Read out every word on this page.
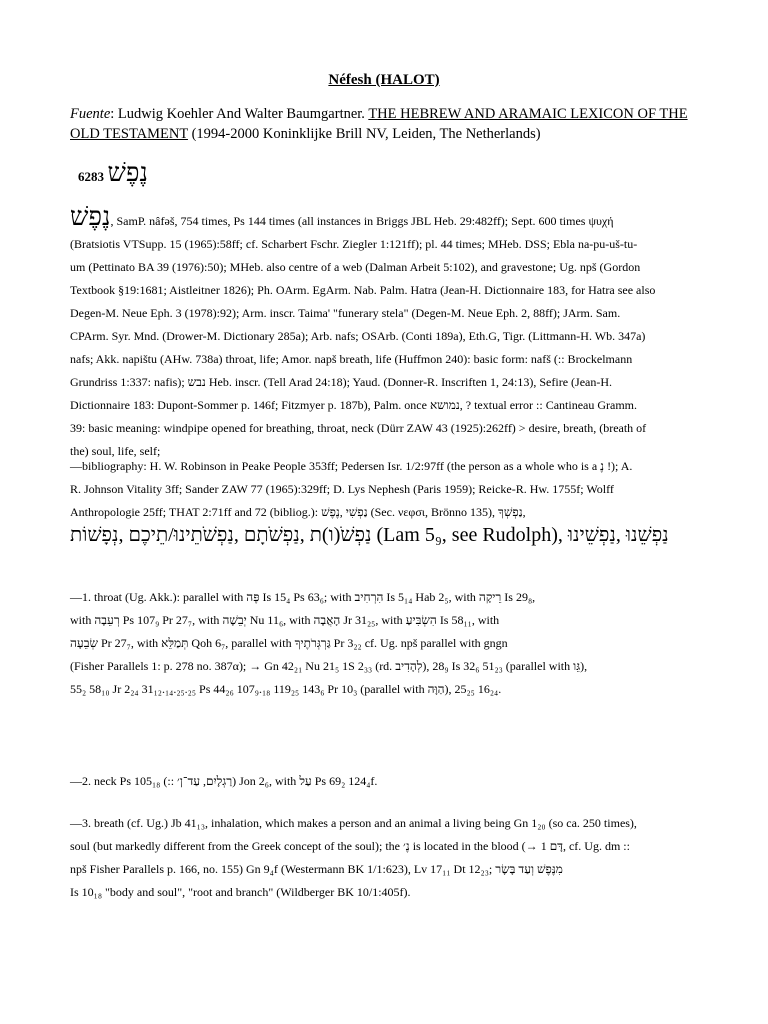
Néfesh (HALOT)
Fuente: Ludwig Koehler And Walter Baumgartner. THE HEBREW AND ARAMAIC LEXICON OF THE OLD TESTAMENT (1994-2000 Koninklijke Brill NV, Leiden, The Netherlands)
6283 נֶפֶשׁ
נֶפֶשׁ, SamP. nâfəš, 754 times, Ps 144 times (all instances in Briggs JBL Heb. 29:482ff); Sept. 600 times ψυχή
(Bratsiotis VTSupp. 15 (1965):58ff; cf. Scharbert Fschr. Ziegler 1:121ff); pl. 44 times; MHeb. DSS; Ebla na-pu-uš-tu-
um (Pettinato BA 39 (1976):50); MHeb. also centre of a web (Dalman Arbeit 5:102), and gravestone; Ug. npš (Gordon
Textbook §19:1681; Aistleitner 1826); Ph. OArm. EgArm. Nab. Palm. Hatra (Jean-H. Dictionnaire 183, for Hatra see also
Degen-M. Neue Eph. 3 (1978):92); Arm. inscr. Taima' "funerary stela" (Degen-M. Neue Eph. 2, 88ff); JArm. Sam.
CPArm. Syr. Mnd. (Drower-M. Dictionary 285a); Arb. nafs; OSArb. (Conti 189a), Eth.G, Tigr. (Littmann-H. Wb. 347a)
nafs; Akk. napištu (AHw. 738a) throat, life; Amor. napš breath, life (Huffmon 240): basic form: nafš (:: Brockelmann
Grundriss 1:337: nafis); נבש Heb. inscr. (Tell Arad 24:18); Yaud. (Donner-R. Inscriften 1, 24:13), Sefire (Jean-H.
Dictionnaire 183: Dupont-Sommer p. 146f; Fitzmyer p. 187b), Palm. once נמושא, ? textual error :: Cantineau Gramm.
39: basic meaning: windpipe opened for breathing, throat, neck (Dürr ZAW 43 (1925):262ff) > desire, breath, (breath of
the) soul, life, self;
—bibliography: H. W. Robinson in Peake People 353ff; Pedersen Isr. 1/2:97ff (the person as a whole who is a נֶ !); A.
R. Johnson Vitality 3ff; Sander ZAW 77 (1965):329ff; D. Lys Nephesh (Paris 1959); Reicke-R. Hw. 1755f; Wolff
Anthropologie 25ff; THAT 2:71ff and 72 (bibliog.): נַפְשִׁי ,נֶפֶשׁ (Sec. νεφσι, Brönno 135), נַפְשְׁךָ,
נַפְשֹׁ(ו)ת ,נַפְשֹׁתָם ,נַפְשֹׁתֵינוּ/תֵיכֶם ,נְפָשׁוֹת (Lam 5₉, see Rudolph), נַפְשֵׁנוּ ,נַפְשֵׁינוּ
—1. throat (Ug. Akk.): parallel with פֶּה Is 15₄ Ps 63₆; with הִרְחִיב Is 5₁₄ Hab 2₅, with רֵיקָה Is 29₈,
with רְעֵבָה Ps 107₉ Pr 27₇, with יְבֵשָׁה Nu 11₆, with הָאֲבָה Jr 31₂₅, with הִשְׂבִּיעַ Is 58₁₁, with
שְׂבֵעָה Pr 27₇, with תְּמַלֵּא Qoh 6₇, parallel with גַּרְגְּרֹתֶיךָ Pr 3₂₂ cf. Ug. npš parallel with gngn
(Fisher Parallels 1: p. 278 no. 387α); → Gn 42₂₁ Nu 21₅ 1S 2₃₃ (rd. לְהָדִיב), 28₉ Is 32₆ 51₂₃ (parallel with גֵּו),
55₂ 58₁₀ Jr 2₂₄ 31₁₂.₁₄.₂₅.₂₅ Ps 44₂₆ 107₉.₁₈ 119₂₅ 143₆ Pr 10₃ (parallel with הַוָּה), 16₂₄ 25₂₅.
—2. neck Ps 105₁₈ (:: רַגְלָיִם, עַד־ן׳) Jon 2₆, with עַל Ps 69₂ 124₄f.
—3. breath (cf. Ug.) Jb 41₁₃, inhalation, which makes a person and an animal a living being Gn 1₂₀ (so ca. 250 times),
soul (but markedly different from the Greek concept of the soul); the נֶ׳ is located in the blood (→ דָּם 1, cf. Ug. dm ::
npš Fisher Parallels p. 166, no. 155) Gn 9₄f (Westermann BK 1/1:623), Lv 17₁₁ Dt 12₂₃; מִנֶּפֶשׁ וְעַד בָּשָׂר
Is 10₁₈ "body and soul", "root and branch" (Wildberger BK 10/1:405f).
